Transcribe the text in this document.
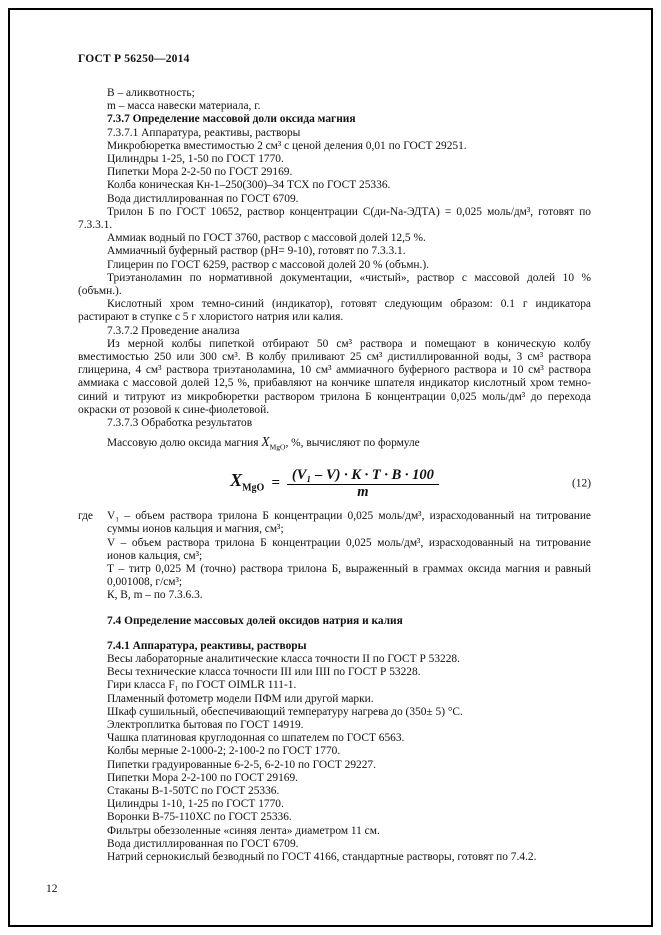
ГОСТ Р 56250—2014

В – аликвотность;

m – масса навески материала, г.

7.3.7 Определение массовой доли оксида магния

7.3.7.1 Аппаратура, реактивы, растворы

Микробюретка вместимостью 2 см³ с ценой деления 0,01 по ГОСТ 29251.

Цилиндры 1-25, 1-50 по ГОСТ 1770.

Пипетки Мора 2-2-50 по ГОСТ 29169.

Колба коническая Кн-1–250(300)–34 ТСХ по ГОСТ 25336.

Вода дистиллированная по ГОСТ 6709.

Трилон Б по ГОСТ 10652, раствор концентрации С(ди-Na-ЭДТА) = 0,025 моль/дм³, готовят по 7.3.3.1.

Аммиак водный по ГОСТ 3760, раствор с массовой долей 12,5 %.

Аммиачный буферный раствор (pH= 9-10), готовят по 7.3.3.1.

Глицерин по ГОСТ 6259, раствор с массовой долей 20 % (объмн.).

Триэтаноламин по нормативной документации, «чистый», раствор с массовой долей 10 % (объмн.).

Кислотный хром темно-синий (индикатор), готовят следующим образом: 0.1 г индикатора растирают в ступке с 5 г хлористого натрия или калия.

7.3.7.2 Проведение анализа

Из мерной колбы пипеткой отбирают 50 см³ раствора и помещают в коническую колбу вместимостью 250 или 300 см³. В колбу приливают 25 см³ дистиллированной воды, 3 см³ раствора глицерина, 4 см³ раствора триэтаноламина, 10 см³ аммиачного буферного раствора и 10 см³ раствора аммиака с массовой долей 12,5 %, прибавляют на кончике шпателя индикатор кислотный хром темно-синий и титруют из микробюретки раствором трилона Б концентрации 0,025 моль/дм³ до перехода окраски от розовой к сине-фиолетовой.

7.3.7.3 Обработка результатов

Массовую долю оксида магния $X_{MgO}$, %, вычисляют по формуле

$X_{MgO} = \frac{\text{(V₁ – V) · K · T · B · 100}}{m}$	(12)
где V₁ – объем раствора трилона Б концентрации 0,025 моль/дм³, израсходованный на титрование суммы ионов кальция и магния, см³;

V – объем раствора трилона Б концентрации 0,025 моль/дм³, израсходованный на титрование ионов кальция, см³;

Т – титр 0,025 М (точно) раствора трилона Б, выраженный в граммах оксида магния и равный 0,001008, г/см³;

К, В, m – по 7.3.6.3.

7.4 Определение массовых долей оксидов натрия и калия

7.4.1 Аппаратура, реактивы, растворы

Весы лабораторные аналитические класса точности II по ГОСТ Р 53228.

Весы технические класса точности III или IIII по ГОСТ Р 53228.

Гири класса F₁ по ГОСТ OIMLR 111-1.

Пламенный фотометр модели ПФМ или другой марки.

Шкаф сушильный, обеспечивающий температуру нагрева до (350± 5) °С.

Электроплитка бытовая по ГОСТ 14919.

Чашка платиновая круглодонная со шпателем по ГОСТ 6563.

Колбы мерные 2-1000-2; 2-100-2 по ГОСТ 1770.

Пипетки градуированные 6-2-5, 6-2-10 по ГОСТ 29227.

Пипетки Мора 2-2-100 по ГОСТ 29169.

Стаканы В-1-50ТС по ГОСТ 25336.

Цилиндры 1-10, 1-25 по ГОСТ 1770.

Воронки В-75-110ХС по ГОСТ 25336.

Фильтры обеззоленные «синяя лента» диаметром 11 см.

Вода дистиллированная по ГОСТ 6709.

Натрий сернокислый безводный по ГОСТ 4166, стандартные растворы, готовят по 7.4.2.

12
